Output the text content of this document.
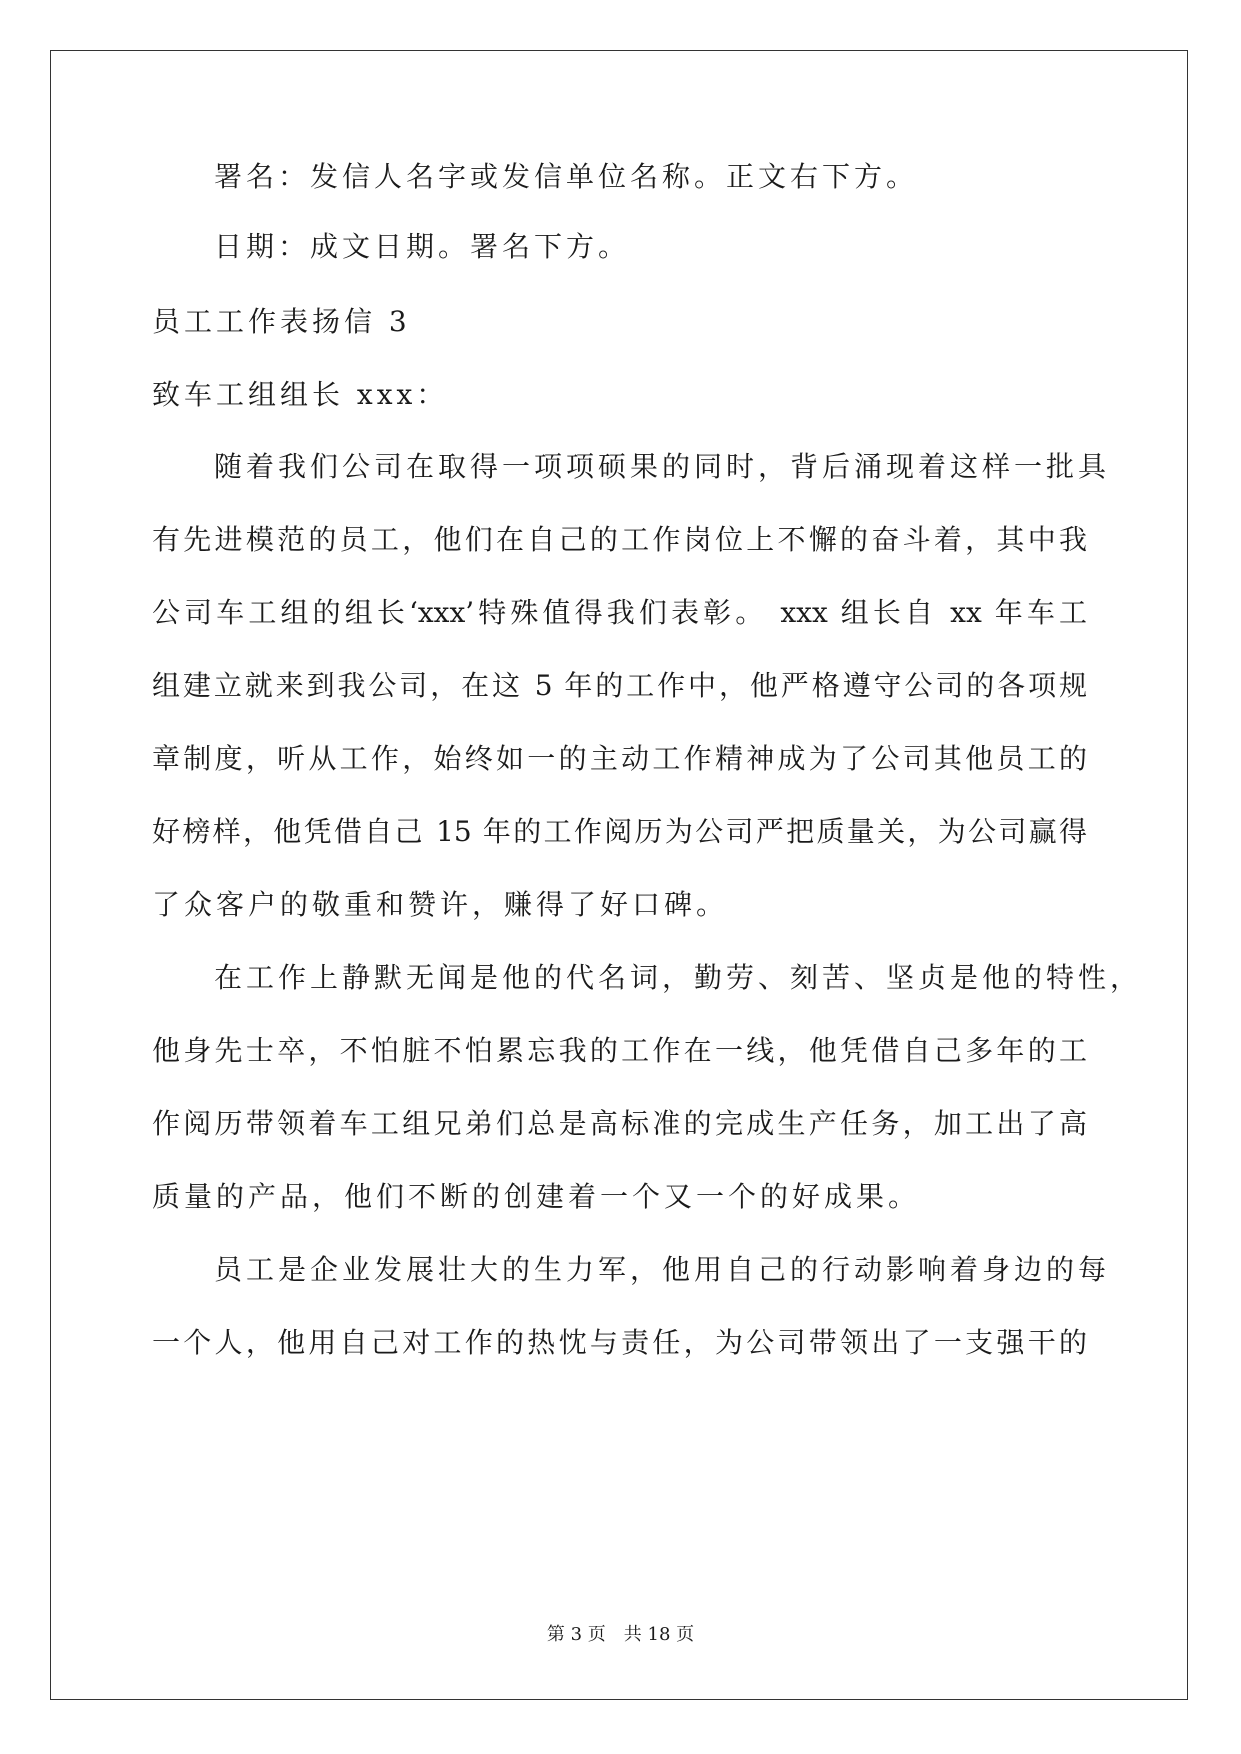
署名：发信人名字或发信单位名称。正文右下方。
日期：成文日期。署名下方。
员工工作表扬信 3
致车工组组长 xxx：
随着我们公司在取得一项项硕果的同时，背后涌现着这样一批具
有先进模范的员工，他们在自己的工作岗位上不懈的奋斗着，其中我
公司车工组的组长‘xxx’特殊值得我们表彰。 xxx 组长自 xx 年车工
组建立就来到我公司，在这 5 年的工作中，他严格遵守公司的各项规
章制度，听从工作，始终如一的主动工作精神成为了公司其他员工的
好榜样，他凭借自己 15 年的工作阅历为公司严把质量关，为公司赢得
了众客户的敬重和赞许，赚得了好口碑。
在工作上静默无闻是他的代名词，勤劳、刻苦、坚贞是他的特性，
他身先士卒，不怕脏不怕累忘我的工作在一线，他凭借自己多年的工
作阅历带领着车工组兄弟们总是高标准的完成生产任务，加工出了高
质量的产品，他们不断的创建着一个又一个的好成果。
员工是企业发展壮大的生力军，他用自己的行动影响着身边的每
一个人，他用自己对工作的热忱与责任，为公司带领出了一支强干的
第 3 页 共 18 页
